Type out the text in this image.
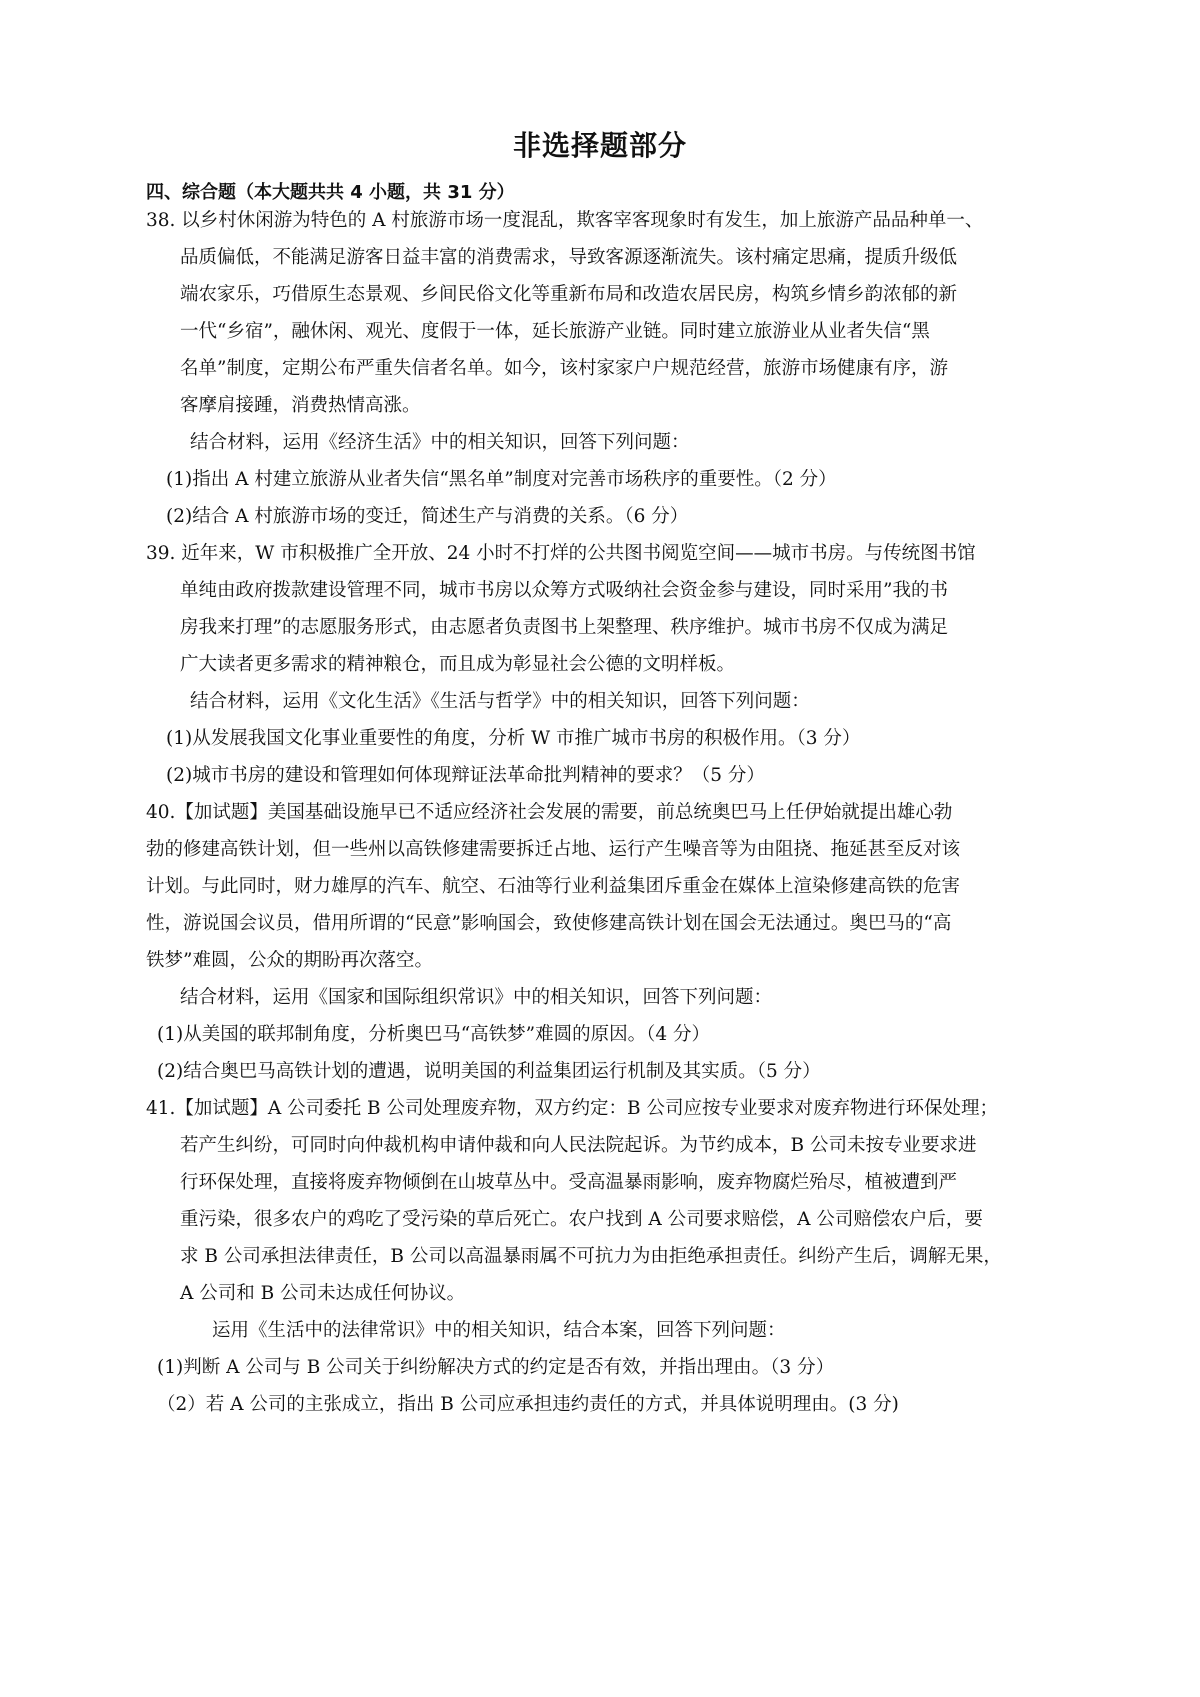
非选择题部分
四、综合题（本大题共共 4 小题，共 31 分）
38. 以乡村休闲游为特色的 A 村旅游市场一度混乱，欺客宰客现象时有发生，加上旅游产品品种单一、
品质偏低，不能满足游客日益丰富的消费需求，导致客源逐渐流失。该村痛定思痛，提质升级低
端农家乐，巧借原生态景观、乡间民俗文化等重新布局和改造农居民房，构筑乡情乡韵浓郁的新
一代“乡宿”，融休闲、观光、度假于一体，延长旅游产业链。同时建立旅游业从业者失信“黑
名单”制度，定期公布严重失信者名单。如今，该村家家户户规范经营，旅游市场健康有序，游
客摩肩接踵，消费热情高涨。
结合材料，运用《经济生活》中的相关知识，回答下列问题：
(1)指出 A 村建立旅游从业者失信“黑名单”制度对完善市场秩序的重要性。（2 分）
(2)结合 A 村旅游市场的变迁，简述生产与消费的关系。（6 分）
39. 近年来，W 市积极推广全开放、24 小时不打烊的公共图书阅览空间——城市书房。与传统图书馆
单纯由政府拨款建设管理不同，城市书房以众筹方式吸纳社会资金参与建设，同时采用”我的书
房我来打理”的志愿服务形式，由志愿者负责图书上架整理、秩序维护。城市书房不仅成为满足
广大读者更多需求的精神粮仓，而且成为彰显社会公德的文明样板。
结合材料，运用《文化生活》《生活与哲学》中的相关知识，回答下列问题：
(1)从发展我国文化事业重要性的角度，分析 W 市推广城市书房的积极作用。（3 分）
(2)城市书房的建设和管理如何体现辩证法革命批判精神的要求？（5 分）
40.【加试题】美国基础设施早已不适应经济社会发展的需要，前总统奥巴马上任伊始就提出雄心勃
勃的修建高铁计划，但一些州以高铁修建需要拆迁占地、运行产生噪音等为由阻挠、拖延甚至反对该
计划。与此同时，财力雄厚的汽车、航空、石油等行业利益集团斥重金在媒体上渲染修建高铁的危害
性，游说国会议员，借用所谓的“民意”影响国会，致使修建高铁计划在国会无法通过。奥巴马的“高
铁梦”难圆，公众的期盼再次落空。
结合材料，运用《国家和国际组织常识》中的相关知识，回答下列问题：
(1)从美国的联邦制角度，分析奥巴马“高铁梦”难圆的原因。（4 分）
(2)结合奥巴马高铁计划的遭遇，说明美国的利益集团运行机制及其实质。（5 分）
41.【加试题】A 公司委托 B 公司处理废弃物，双方约定：B 公司应按专业要求对废弃物进行环保处理；
若产生纠纷，可同时向仲裁机构申请仲裁和向人民法院起诉。为节约成本，B 公司未按专业要求进
行环保处理，直接将废弃物倾倒在山坡草丛中。受高温暴雨影响，废弃物腐烂殆尽，植被遭到严
重污染，很多农户的鸡吃了受污染的草后死亡。农户找到 A 公司要求赔偿，A 公司赔偿农户后，要
求 B 公司承担法律责任，B 公司以高温暴雨属不可抗力为由拒绝承担责任。纠纷产生后，调解无果，
A 公司和 B 公司未达成任何协议。
运用《生活中的法律常识》中的相关知识，结合本案，回答下列问题：
(1)判断 A 公司与 B 公司关于纠纷解决方式的约定是否有效，并指出理由。（3 分）
（2）若 A 公司的主张成立，指出 B 公司应承担违约责任的方式，并具体说明理由。(3 分)
